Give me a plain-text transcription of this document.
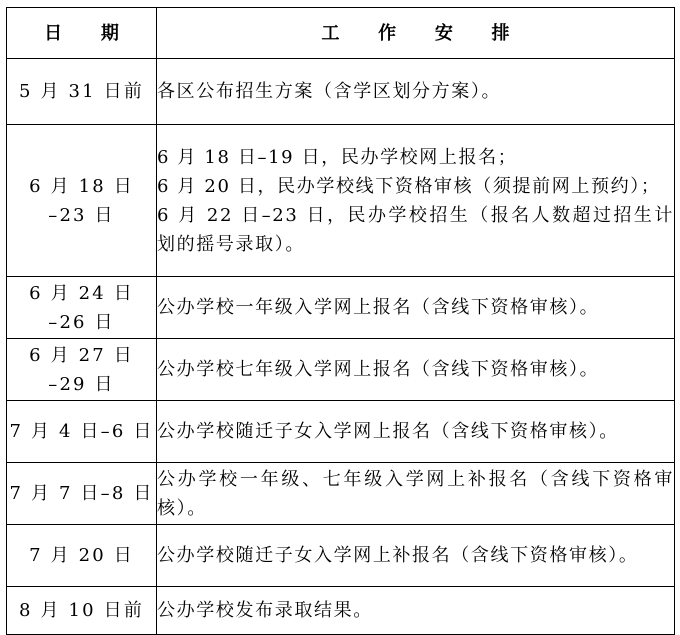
日 期	工 作 安 排
5 月 31 日前	各区公布招生方案（含学区划分方案）。

6 月 18 日
–23 日	6 月 18 日–19 日，民办学校网上报名；
6 月 20 日，民办学校线下资格审核（须提前网上预约）；
6 月 22 日–23 日，民办学校招生（报名人数超过招生计划的摇号录取）。

6 月 24 日
–26 日	公办学校一年级入学网上报名（含线下资格审核）。

6 月 27 日
–29 日	公办学校七年级入学网上报名（含线下资格审核）。

7 月 4 日–6 日	公办学校随迁子女入学网上报名（含线下资格审核）。

7 月 7 日–8 日	公办学校一年级、七年级入学网上补报名（含线下资格审核）。

7 月 20 日	公办学校随迁子女入学网上补报名（含线下资格审核）。

8 月 10 日前	公办学校发布录取结果。
